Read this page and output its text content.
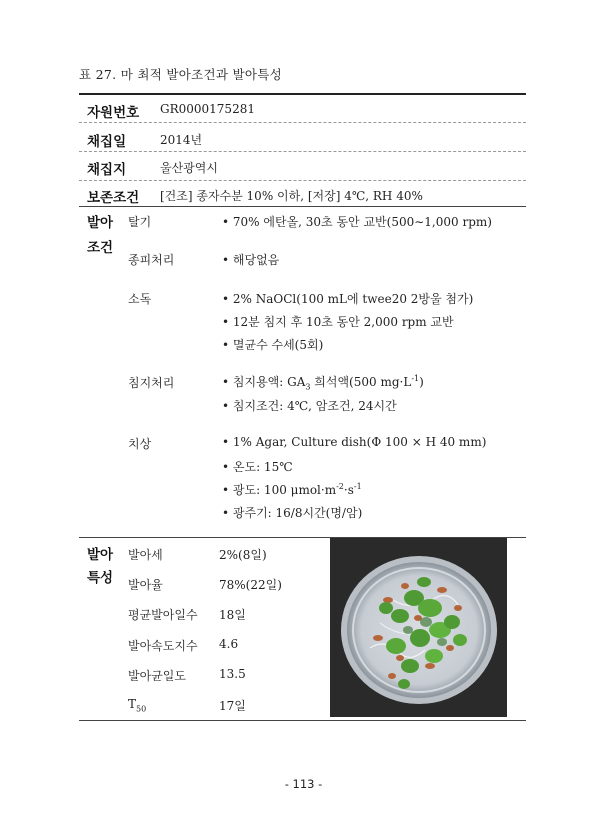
표 27. 마 최적 발아조건과 발아특성
자원번호 GR0000175281
채집일	2014년
채집지	울산광역시
보존조건 [건조] 종자수분 10% 이하, [저장] 4℃, RH 40%
발아
조건
탈기	• 70% 에탄올, 30초 동안 교반(500∼1,000 rpm)
종피처리	• 해당없음
소독	• 2% NaOCl(100 mL에 twee20 2방울 첨가)
• 12분 침지 후 10초 동안 2,000 rpm 교반
• 멸균수 수세(5회)
침지처리	• 침지용액: $GA_3$ 희석액(500 $mg\cdot L^{-1}$)
• 침지조건: 4℃, 암조건, 24시간
치상	• 1% Agar, Culture dish(Φ 100 × H 40 mm)
• 온도: 15℃
• 광도: 100 $\mu mol\cdot m^{-2}\cdot s^{-1}$
• 광주기: 16/8시간(명/암)
발아
특성
발아세	2%(8일)
발아율	78%(22일)
평균발아일수 18일
발아속도지수 4.6
발아균일도	13.5
$T_{50}$	17일
- 113 -
